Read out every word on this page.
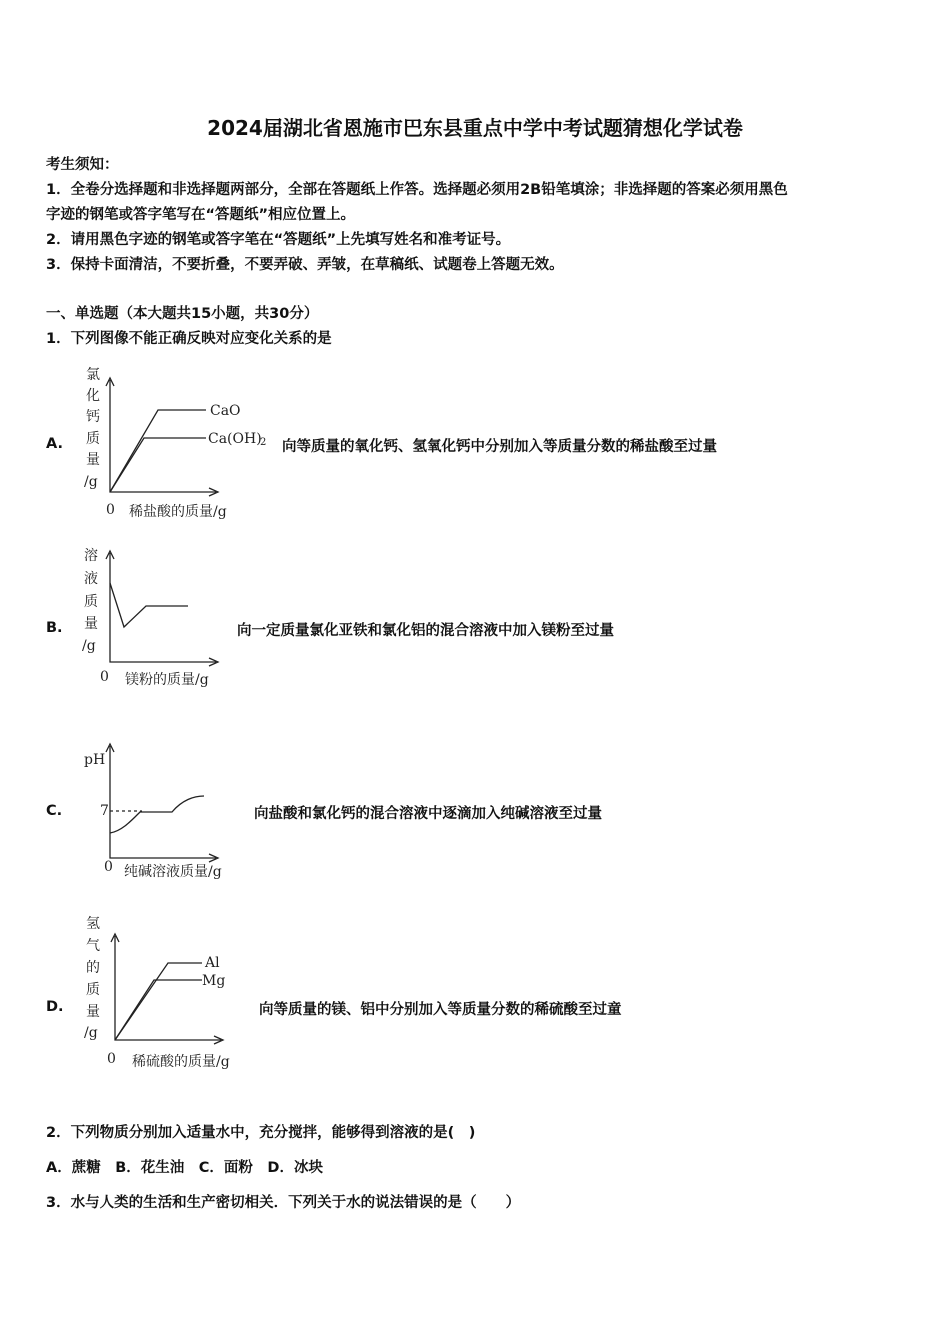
2024届湖北省恩施市巴东县重点中学中考试题猜想化学试卷
考生须知：
1．全卷分选择题和非选择题两部分，全部在答题纸上作答。选择题必须用2B铅笔填涂；非选择题的答案必须用黑色
字迹的钢笔或答字笔写在“答题纸”相应位置上。
2．请用黑色字迹的钢笔或答字笔在“答题纸”上先填写姓名和准考证号。
3．保持卡面清洁，不要折叠，不要弄破、弄皱，在草稿纸、试题卷上答题无效。
一、单选题（本大题共15小题，共30分）
1．下列图像不能正确反映对应变化关系的是
A.
氯
化
钙
质
量
/g
CaO
Ca(OH)
2
0 稀盐酸的质量/g
向等质量的氧化钙、氢氧化钙中分别加入等质量分数的稀盐酸至过量
B.
溶
液
质
量
/g
0 镁粉的质量/g
向一定质量氯化亚铁和氯化铝的混合溶液中加入镁粉至过量
C.
pH
7
0 纯碱溶液质量/g
向盐酸和氯化钙的混合溶液中逐滴加入纯碱溶液至过量
D.
氢
气
的
质
量
/g
Al
Mg
0 稀硫酸的质量/g
向等质量的镁、铝中分别加入等质量分数的稀硫酸至过童
2．下列物质分别加入适量水中，充分搅拌，能够得到溶液的是(　)
A．蔗糖　B．花生油　C．面粉　D．冰块
3．水与人类的生活和生产密切相关．下列关于水的说法错误的是（　　）
